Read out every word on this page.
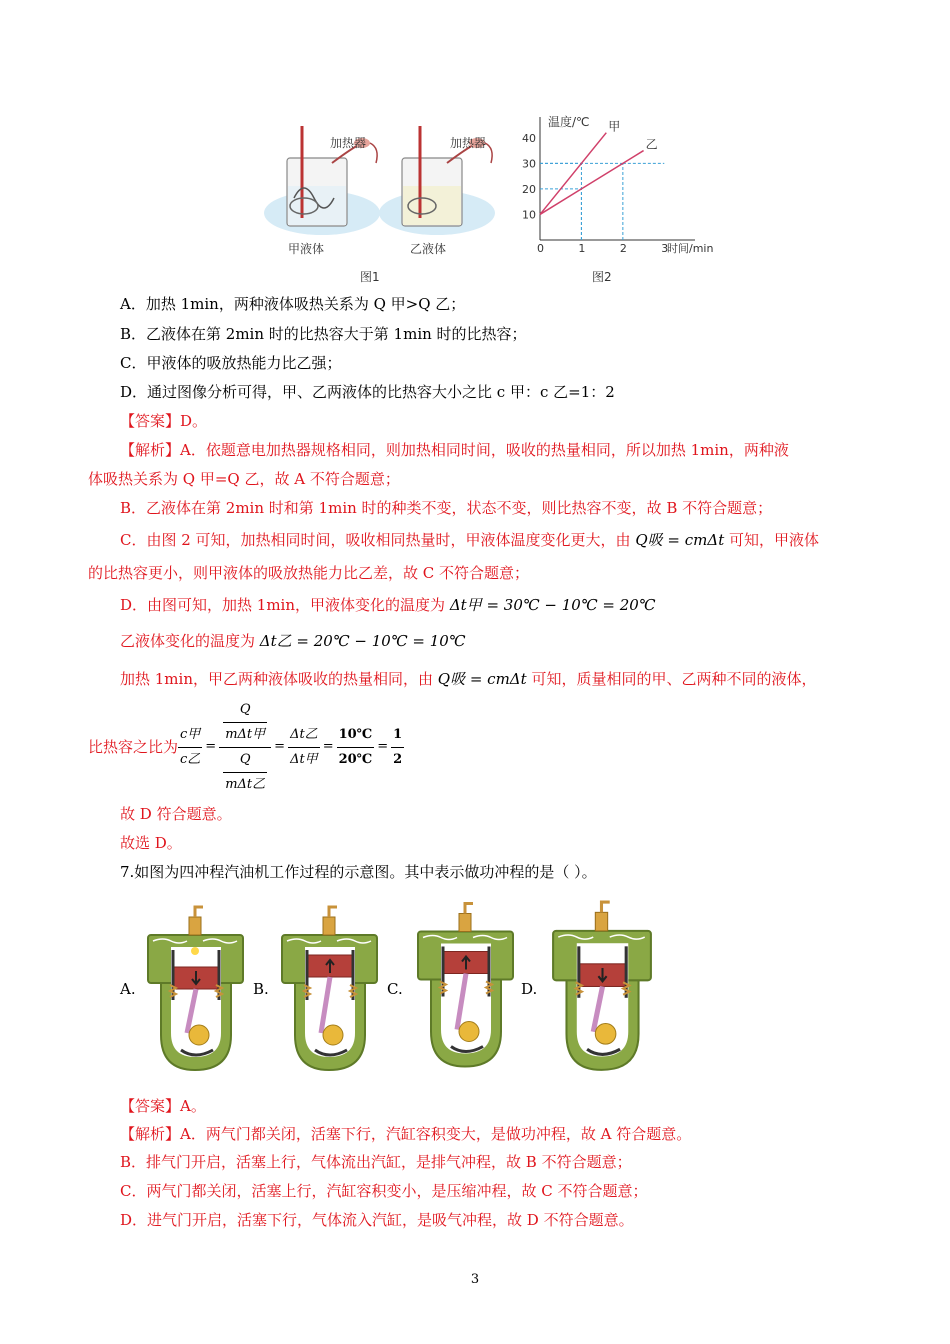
加热器	加热器
甲液体	乙液体
图1
温度/℃
时间/min
0	1	2	3
10
20
30
40
甲
乙
图2
A．加热 1min，两种液体吸热关系为 Q 甲>Q 乙；
B．乙液体在第 2min 时的比热容大于第 1min 时的比热容；
C．甲液体的吸放热能力比乙强；
D．通过图像分析可得，甲、乙两液体的比热容大小之比 c 甲：c 乙=1：2
【答案】D。
【解析】A．依题意电加热器规格相同，则加热相同时间，吸收的热量相同，所以加热 1min，两种液
体吸热关系为 Q 甲=Q 乙，故 A 不符合题意；
B．乙液体在第 2min 时和第 1min 时的种类不变，状态不变，则比热容不变，故 B 不符合题意；
C．由图 2 可知，加热相同时间，吸收相同热量时，甲液体温度变化更大，由 Q吸 = cmΔt 可知，甲液体
的比热容更小，则甲液体的吸放热能力比乙差，故 C 不符合题意；
D．由图可知，加热 1min，甲液体变化的温度为 Δt甲 = 30℃ − 10℃ = 20℃
乙液体变化的温度为 Δt乙 = 20℃ − 10℃ = 10℃
加热 1min，甲乙两种液体吸收的热量相同，由 Q吸 = cmΔt 可知，质量相同的甲、乙两种不同的液体，
比热容之比为 $\frac{\text{c甲}}{\text{c乙}} = \frac{\frac{Q}{\text{mΔt甲}}}{\frac{Q}{\text{mΔt乙}}} = \frac{\text{Δt乙}}{\text{Δt甲}} = \frac{10℃}{20℃} = \frac{1}{2}$
故 D 符合题意。
故选 D。
7.如图为四冲程汽油机工作过程的示意图。其中表示做功冲程的是（ ）。
A.	B.	C.	D.
【答案】A。
【解析】A．两气门都关闭，活塞下行，汽缸容积变大，是做功冲程，故 A 符合题意。
B．排气门开启，活塞上行，气体流出汽缸，是排气冲程，故 B 不符合题意；
C．两气门都关闭，活塞上行，汽缸容积变小，是压缩冲程，故 C 不符合题意；
D．进气门开启，活塞下行，气体流入汽缸，是吸气冲程，故 D 不符合题意。
3
